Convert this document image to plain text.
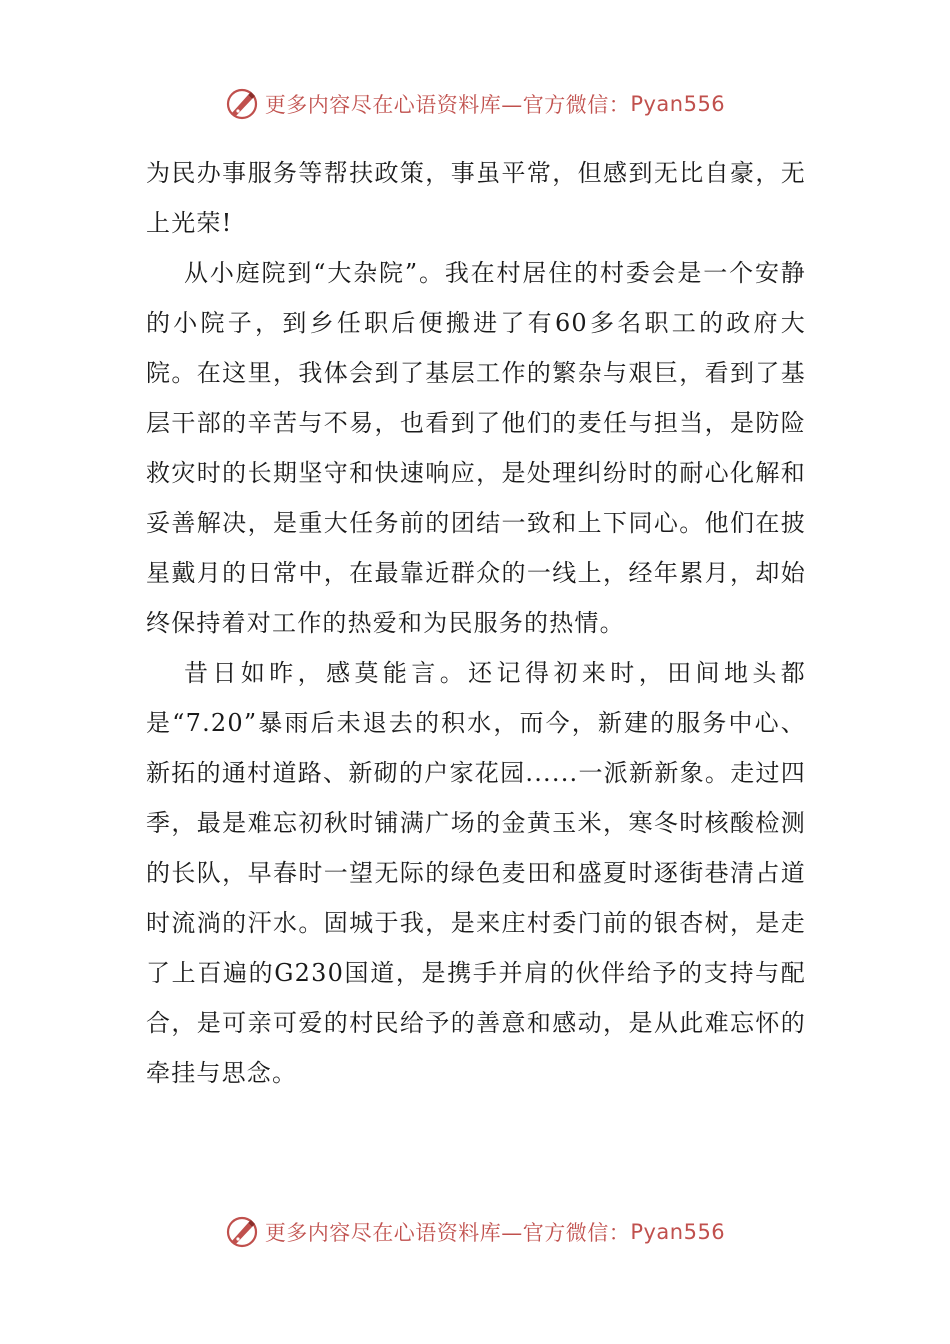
更多内容尽在心语资料库—官方微信： Pyan556

为民办事服务等帮扶政策，事虽平常，但感到无比自豪，无上光荣!

从小庭院到“大杂院”。我在村居住的村委会是一个安静的小院子，到乡任职后便搬进了有60多名职工的政府大院。在这里，我体会到了基层工作的繁杂与艰巨，看到了基层干部的辛苦与不易，也看到了他们的麦任与担当，是防险救灾时的长期坚守和快速响应，是处理纠纷时的耐心化解和妥善解决，是重大任务前的团结一致和上下同心。他们在披星戴月的日常中，在最靠近群众的一线上，经年累月，却始终保持着对工作的热爱和为民服务的热情。

昔日如昨，感莫能言。还记得初来时，田间地头都是“7.20”暴雨后未退去的积水，而今，新建的服务中心、新拓的通村道路、新砌的户家花园......一派新新象。走过四季，最是难忘初秋时铺满广场的金黄玉米，寒冬时核酸检测的长队，早春时一望无际的绿色麦田和盛夏时逐街巷清占道时流淌的汗水。固城于我，是来庄村委门前的银杏树，是走了上百遍的G230国道，是携手并肩的伙伴给予的支持与配合，是可亲可爱的村民给予的善意和感动，是从此难忘怀的牵挂与思念。

更多内容尽在心语资料库—官方微信： Pyan556
